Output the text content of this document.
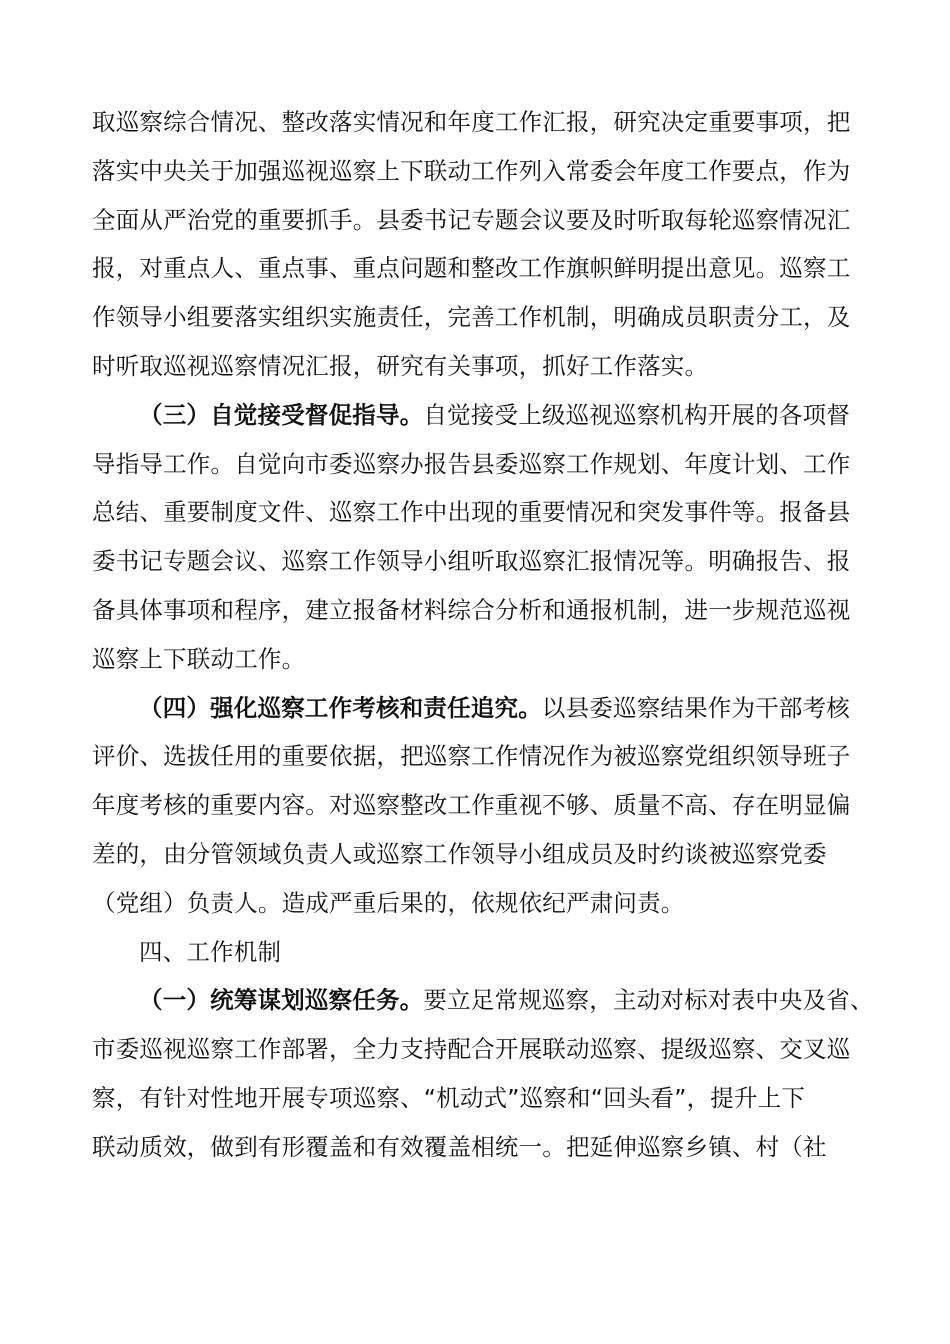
取巡察综合情况、整改落实情况和年度工作汇报，研究决定重要事项，把
落实中央关于加强巡视巡察上下联动工作列入常委会年度工作要点，作为
全面从严治党的重要抓手。县委书记专题会议要及时听取每轮巡察情况汇
报，对重点人、重点事、重点问题和整改工作旗帜鲜明提出意见。巡察工
作领导小组要落实组织实施责任，完善工作机制，明确成员职责分工，及
时听取巡视巡察情况汇报，研究有关事项，抓好工作落实。
（三）自觉接受督促指导。自觉接受上级巡视巡察机构开展的各项督
导指导工作。自觉向市委巡察办报告县委巡察工作规划、年度计划、工作
总结、重要制度文件、巡察工作中出现的重要情况和突发事件等。报备县
委书记专题会议、巡察工作领导小组听取巡察汇报情况等。明确报告、报
备具体事项和程序，建立报备材料综合分析和通报机制，进一步规范巡视
巡察上下联动工作。
（四）强化巡察工作考核和责任追究。以县委巡察结果作为干部考核
评价、选拔任用的重要依据，把巡察工作情况作为被巡察党组织领导班子
年度考核的重要内容。对巡察整改工作重视不够、质量不高、存在明显偏
差的，由分管领域负责人或巡察工作领导小组成员及时约谈被巡察党委
（党组）负责人。造成严重后果的，依规依纪严肃问责。
四、工作机制
（一）统筹谋划巡察任务。要立足常规巡察，主动对标对表中央及省、
市委巡视巡察工作部署，全力支持配合开展联动巡察、提级巡察、交叉巡
察，有针对性地开展专项巡察、“机动式”巡察和“回头看”，提升上下
联动质效，做到有形覆盖和有效覆盖相统一。把延伸巡察乡镇、村（社
